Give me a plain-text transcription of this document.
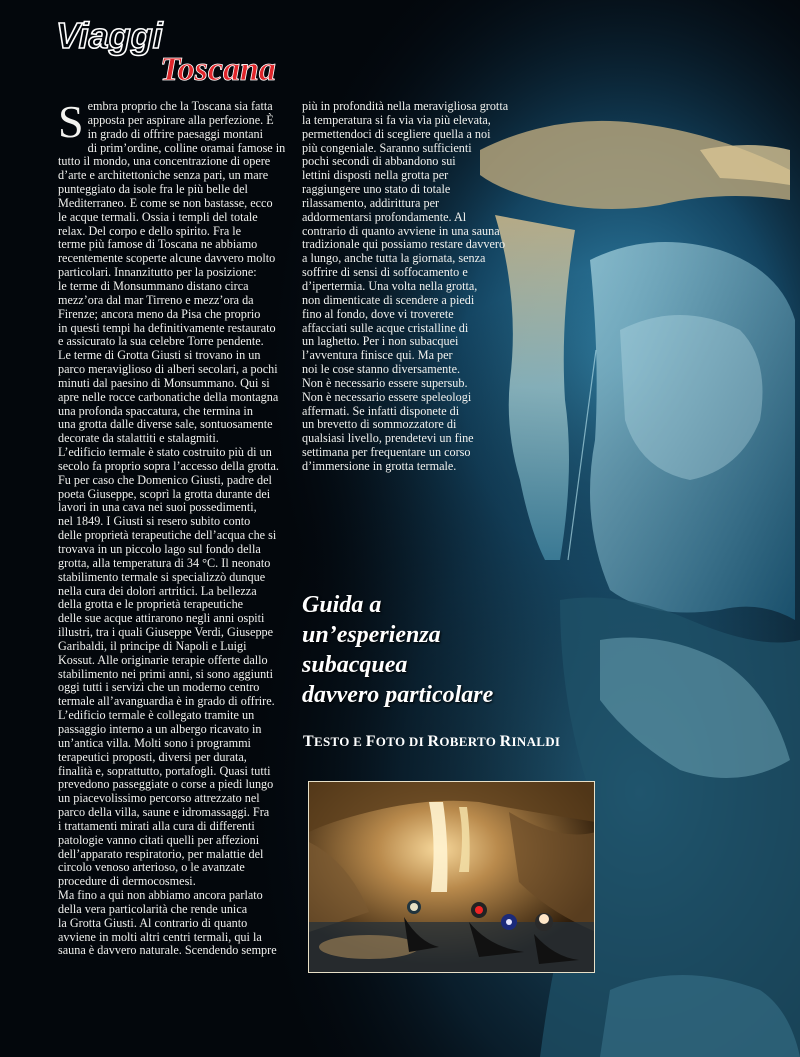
Viaggi
Toscana
S embra proprio che la Toscana sia fatta

apposta per aspirare alla perfezione. È

in grado di offrire paesaggi montani

di prim’ordine, colline oramai famose in

tutto il mondo, una concentrazione di opere

d’arte e architettoniche senza pari, un mare

punteggiato da isole fra le più belle del

Mediterraneo. E come se non bastasse, ecco

le acque termali. Ossia i templi del totale

relax. Del corpo e dello spirito. Fra le

terme più famose di Toscana ne abbiamo

recentemente scoperte alcune davvero molto

particolari. Innanzitutto per la posizione:

le terme di Monsummano distano circa

mezz’ora dal mar Tirreno e mezz’ora da

Firenze; ancora meno da Pisa che proprio

in questi tempi ha definitivamente restaurato

e assicurato la sua celebre Torre pendente.

Le terme di Grotta Giusti si trovano in un

parco meraviglioso di alberi secolari, a pochi

minuti dal paesino di Monsummano. Qui si

apre nelle rocce carbonatiche della montagna

una profonda spaccatura, che termina in

una grotta dalle diverse sale, sontuosamente

decorate da stalattiti e stalagmiti.

L’edificio termale è stato costruito più di un

secolo fa proprio sopra l’accesso della grotta.

Fu per caso che Domenico Giusti, padre del

poeta Giuseppe, scoprì la grotta durante dei

lavori in una cava nei suoi possedimenti,

nel 1849. I Giusti si resero subito conto

delle proprietà terapeutiche dell’acqua che si

trovava in un piccolo lago sul fondo della

grotta, alla temperatura di 34 °C. Il neonato

stabilimento termale si specializzò dunque

nella cura dei dolori artritici. La bellezza

della grotta e le proprietà terapeutiche

delle sue acque attirarono negli anni ospiti

illustri, tra i quali Giuseppe Verdi, Giuseppe

Garibaldi, il principe di Napoli e Luigi

Kossut. Alle originarie terapie offerte dallo

stabilimento nei primi anni, si sono aggiunti

oggi tutti i servizi che un moderno centro

termale all’avanguardia è in grado di offrire.

L’edificio termale è collegato tramite un

passaggio interno a un albergo ricavato in

un’antica villa. Molti sono i programmi

terapeutici proposti, diversi per durata,

finalità e, soprattutto, portafogli. Quasi tutti

prevedono passeggiate o corse a piedi lungo

un piacevolissimo percorso attrezzato nel

parco della villa, saune e idromassaggi. Fra

i trattamenti mirati alla cura di differenti

patologie vanno citati quelli per affezioni

dell’apparato respiratorio, per malattie del

circolo venoso arterioso, o le avanzate

procedure di dermocosmesi.

Ma fino a qui non abbiamo ancora parlato

della vera particolarità che rende unica

la Grotta Giusti. Al contrario di quanto

avviene in molti altri centri termali, qui la

sauna è davvero naturale. Scendendo sempre

più in profondità nella meravigliosa grotta

la temperatura si fa via via più elevata,

permettendoci di scegliere quella a noi

più congeniale. Saranno sufficienti

pochi secondi di abbandono sui

lettini disposti nella grotta per

raggiungere uno stato di totale

rilassamento, addirittura per

addormentarsi profondamente. Al

contrario di quanto avviene in una sauna

tradizionale qui possiamo restare davvero

a lungo, anche tutta la giornata, senza

soffrire di sensi di soffocamento e

d’ipertermia. Una volta nella grotta,

non dimenticate di scendere a piedi

fino al fondo, dove vi troverete

affacciati sulle acque cristalline di

un laghetto. Per i non subacquei

l’avventura finisce qui. Ma per

noi le cose stanno diversamente.

Non è necessario essere supersub.

Non è necessario essere speleologi

affermati. Se infatti disponete di

un brevetto di sommozzatore di

qualsiasi livello, prendetevi un fine

settimana per frequentare un corso

d’immersione in grotta termale.

Guida a
un’esperienza
subacquea
davvero particolare
TESTO E FOTO DI ROBERTO RINALDI
